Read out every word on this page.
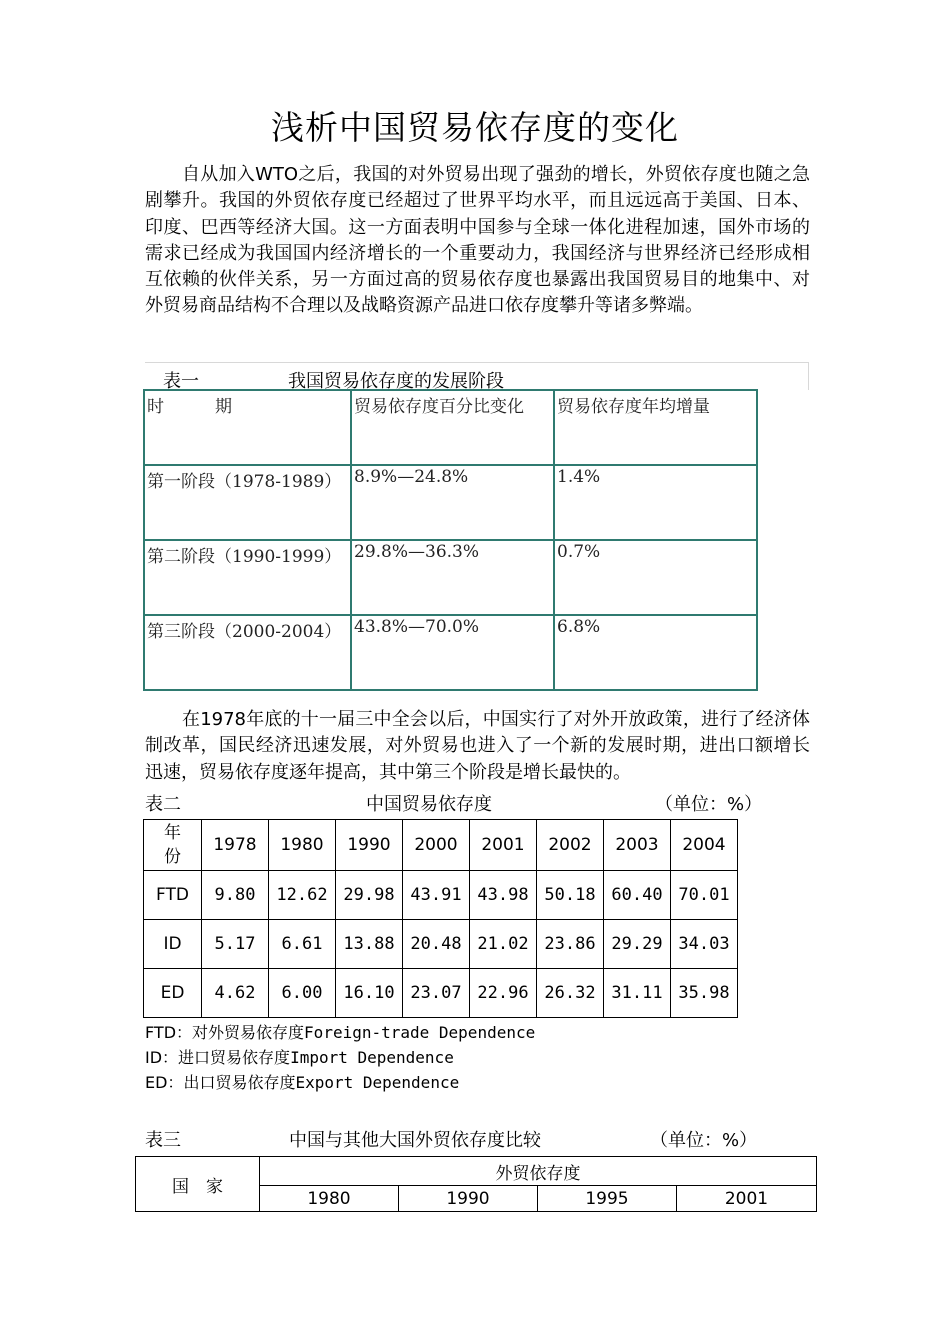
浅析中国贸易依存度的变化
自从加入WTO之后，我国的对外贸易出现了强劲的增长，外贸依存度也随之急剧攀升。我国的外贸依存度已经超过了世界平均水平，而且远远高于美国、日本、印度、巴西等经济大国。这一方面表明中国参与全球一体化进程加速，国外市场的需求已经成为我国国内经济增长的一个重要动力，我国经济与世界经济已经形成相互依赖的伙伴关系，另一方面过高的贸易依存度也暴露出我国贸易目的地集中、对外贸易商品结构不合理以及战略资源产品进口依存度攀升等诸多弊端。
表一	我国贸易依存度的发展阶段
时　　　期	贸易依存度百分比变化	贸易依存度年均增量
第一阶段（1978-1989）	8.9%—24.8%	1.4%
第二阶段（1990-1999）	29.8%—36.3%	0.7%
第三阶段（2000-2004）	43.8%—70.0%	6.8%
在1978年底的十一届三中全会以后，中国实行了对外开放政策，进行了经济体制改革，国民经济迅速发展，对外贸易也进入了一个新的发展时期，进出口额增长迅速，贸易依存度逐年提高，其中第三个阶段是增长最快的。
表二	中国贸易依存度	（单位：%）
年份	1978	1980	1990	2000	2001	2002	2003	2004
FTD	9.80	12.62	29.98	43.91	43.98	50.18	60.40	70.01
ID	5.17	6.61	13.88	20.48	21.02	23.86	29.29	34.03
ED	4.62	6.00	16.10	23.07	22.96	26.32	31.11	35.98
FTD：对外贸易依存度Foreign-trade Dependence
ID：进口贸易依存度Import Dependence
ED：出口贸易依存度Export Dependence
表三	中国与其他大国外贸依存度比较	（单位：%）
国　家	外贸依存度			
	1980	1990	1995	2001
